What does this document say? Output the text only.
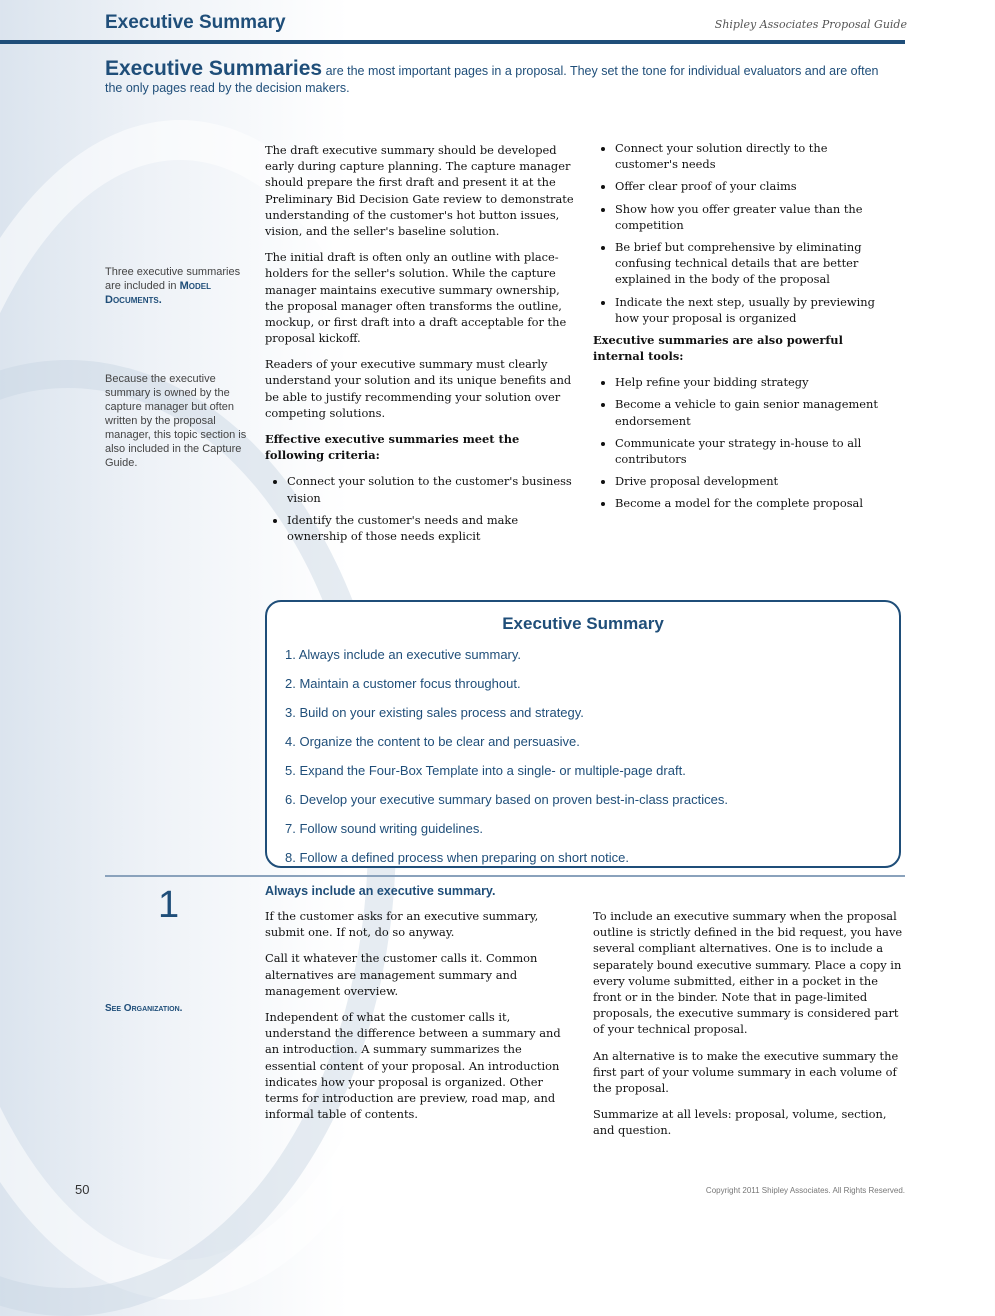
Executive Summary	Shipley Associates Proposal Guide
Executive Summaries are the most important pages in a proposal. They set the tone for individual evaluators and are often the only pages read by the decision makers.
Three executive summaries are included in Model Documents.
Because the executive summary is owned by the capture manager but often written by the proposal manager, this topic section is also included in the Capture Guide.

The draft executive summary should be developed early during capture planning. The capture manager should prepare the first draft and present it at the Preliminary Bid Decision Gate review to demonstrate understanding of the customer's hot button issues, vision, and the seller's baseline solution.

The initial draft is often only an outline with place-holders for the seller's solution. While the capture manager maintains executive summary ownership, the proposal manager often transforms the outline, mockup, or first draft into a draft acceptable for the proposal kickoff.

Readers of your executive summary must clearly understand your solution and its unique benefits and be able to justify recommending your solution over competing solutions.

Effective executive summaries meet the following criteria:

• Connect your solution to the customer's business vision
• Identify the customer's needs and make ownership of those needs explicit
• Connect your solution directly to the customer's needs
• Offer clear proof of your claims
• Show how you offer greater value than the competition
• Be brief but comprehensive by eliminating confusing technical details that are better explained in the body of the proposal
• Indicate the next step, usually by previewing how your proposal is organized

Executive summaries are also powerful internal tools:

• Help refine your bidding strategy
• Become a vehicle to gain senior management endorsement
• Communicate your strategy in-house to all contributors
• Drive proposal development
• Become a model for the complete proposal
Executive Summary
1. Always include an executive summary.
2. Maintain a customer focus throughout.
3. Build on your existing sales process and strategy.
4. Organize the content to be clear and persuasive.
5. Expand the Four-Box Template into a single- or multiple-page draft.
6. Develop your executive summary based on proven best-in-class practices.
7. Follow sound writing guidelines.
8. Follow a defined process when preparing on short notice.
1	Always include an executive summary.
See Organization.

If the customer asks for an executive summary, submit one. If not, do so anyway.

Call it whatever the customer calls it. Common alternatives are management summary and management overview.

Independent of what the customer calls it, understand the difference between a summary and an introduction. A summary summarizes the essential content of your proposal. An introduction indicates how your proposal is organized. Other terms for introduction are preview, road map, and informal table of contents.

To include an executive summary when the proposal outline is strictly defined in the bid request, you have several compliant alternatives. One is to include a separately bound executive summary. Place a copy in every volume submitted, either in a pocket in the front or in the binder. Note that in page-limited proposals, the executive summary is considered part of your technical proposal.

An alternative is to make the executive summary the first part of your volume summary in each volume of the proposal.

Summarize at all levels: proposal, volume, section, and question.

50	Copyright 2011 Shipley Associates. All Rights Reserved.
